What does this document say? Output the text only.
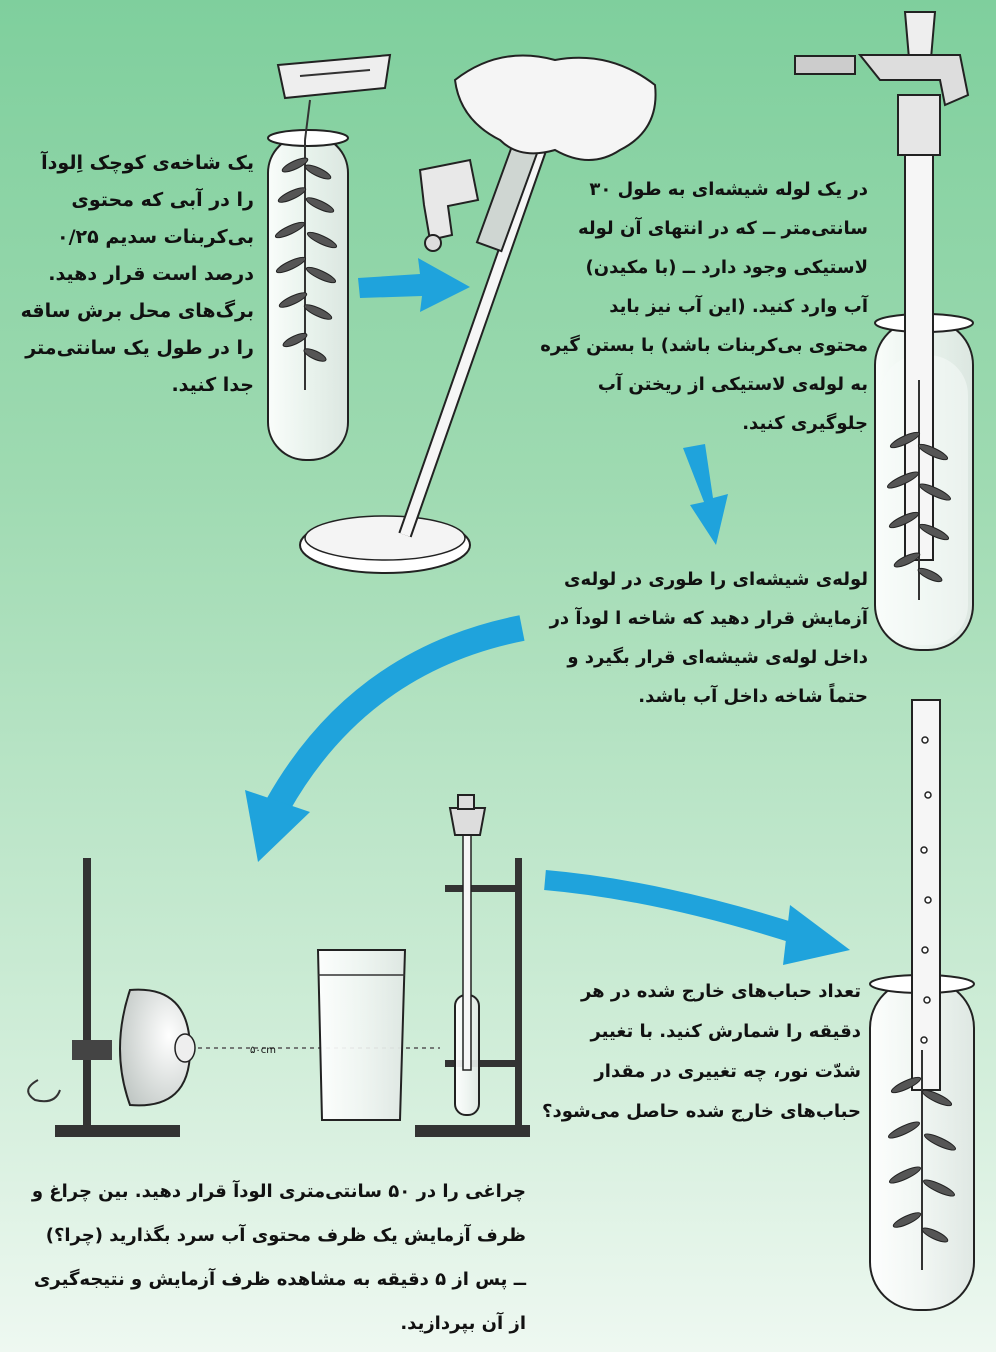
۵۰cm
یک شاخه‌ی کوچک اِلودآ
را در آبی که محتوی
بی‌کربنات سدیم ۰/۲۵
درصد است قرار دهید.
برگ‌های محل برش ساقه
را در طول یک سانتی‌متر
جدا کنید.
در یک لوله شیشه‌ای به طول ۳۰
سانتی‌متر ــ که در انتهای آن لوله
لاستیکی وجود دارد ــ (با مکیدن)
آب وارد کنید. (این آب نیز باید
محتوی بی‌کربنات باشد) با بستن گیره
به لوله‌ی لاستیکی از ریختن آب
جلوگیری کنید.
لوله‌ی شیشه‌ای را طوری در لوله‌ی
آزمایش قرار دهید که شاخه ا لودآ در
داخل لوله‌ی شیشه‌ای قرار بگیرد و
حتماً شاخه داخل آب باشد.
تعداد حباب‌های خارج شده در هر
دقیقه را شمارش کنید. با تغییر
شدّت نور، چه تغییری در مقدار
حباب‌های خارج شده حاصل می‌شود؟
چراغی را در ۵۰ سانتی‌متری الودآ قرار دهید. بین چراغ و
ظرف آزمایش یک ظرف محتوی آب سرد بگذارید (چرا؟)
ــ پس از ۵ دقیقه به مشاهده ظرف آزمایش و نتیجه‌گیری
از آن بپردازید.
